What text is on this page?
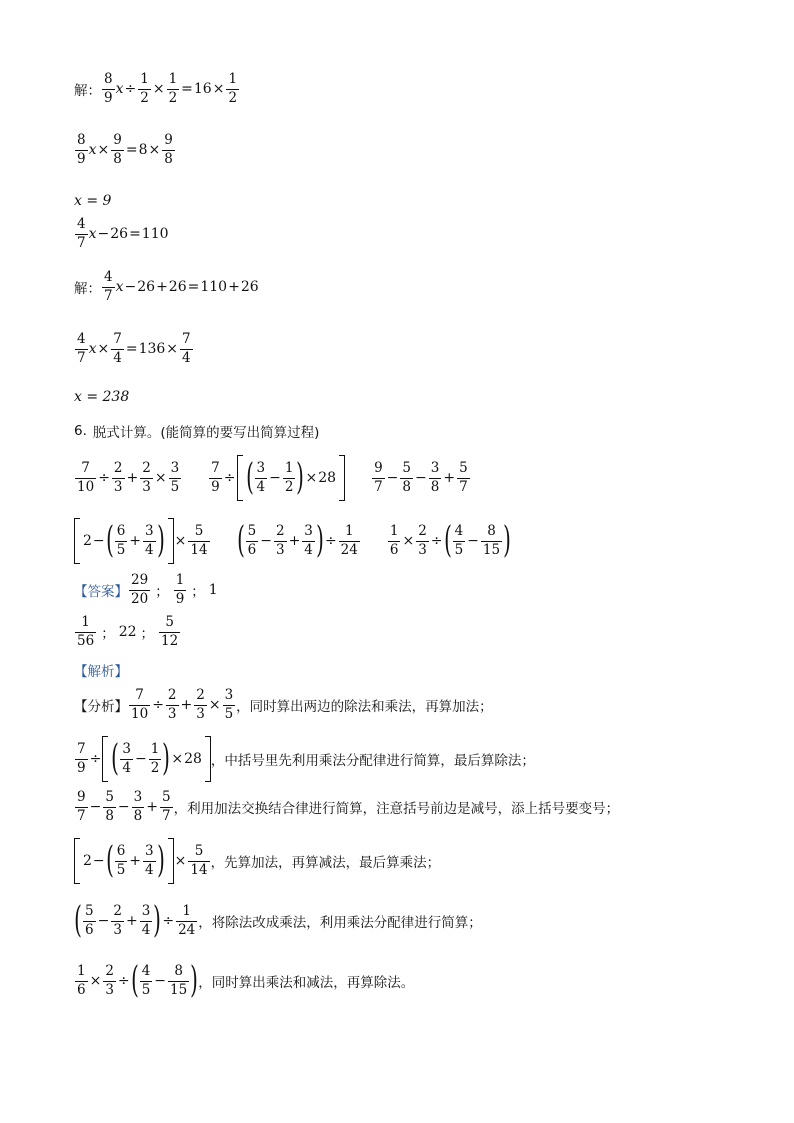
解： $\frac{8}{9}$ $x \div \frac{1}{2} \times \frac{1}{2} = 16 \times \frac{1}{2}$
$\frac{8}{9}$ $x \times \frac{9}{8} = 8 \times \frac{9}{8}$
x = 9
$\frac{4}{7}$ x − 26 = 110
解： $\frac{4}{7}$ x − 26 + 26 = 110 + 26
$\frac{4}{7}$ $x \times \frac{7}{4} = 136 \times \frac{7}{4}$
x = 238
6. 脱式计算。(能简算的要写出简算过程)
$\frac{7}{10} \div \frac{2}{3} + \frac{2}{3} \times \frac{3}{5} \frac{7}{9}$ ÷ ( $\frac{3}{4} - \frac{1}{2}$ ) × 28	$\frac{9}{7} - \frac{5}{8} - \frac{3}{8} + \frac{5}{7}$
2 − ( $\frac{6}{5} + \frac{3}{4}$ ) × $\frac{5}{14}$ ( $\frac{5}{6} - \frac{2}{3} + \frac{3}{4}$ ) ÷ $\frac{1}{24} \frac{1}{6} \times \frac{2}{3}$ ÷ ( $\frac{4}{5} - \frac{8}{15}$ )
【答案】 $\frac{29}{20}$ ； $\frac{1}{9}$ ； 1
$\frac{1}{56}$ ； 22 ； $\frac{5}{12}$
【解析】
【分析】 $\frac{7}{10} \div \frac{2}{3} + \frac{2}{3} \times \frac{3}{5}$ ，同时算出两边的除法和乘法，再算加法；
$\frac{7}{9}$ ÷ ( $\frac{3}{4} - \frac{1}{2}$ ) × 28 ，中括号里先利用乘法分配律进行简算，最后算除法；
$\frac{9}{7} - \frac{5}{8} - \frac{3}{8} + \frac{5}{7}$ ，利用加法交换结合律进行简算，注意括号前边是减号，添上括号要变号；
2 − ( $\frac{6}{5} + \frac{3}{4}$ ) × $\frac{5}{14}$ ，先算加法，再算减法，最后算乘法；
( $\frac{5}{6} - \frac{2}{3} + \frac{3}{4}$ ) ÷ $\frac{1}{24}$ ，将除法改成乘法，利用乘法分配律进行简算；
$\frac{1}{6} \times \frac{2}{3}$ ÷ ( $\frac{4}{5} - \frac{8}{15}$ ) ，同时算出乘法和减法，再算除法。
